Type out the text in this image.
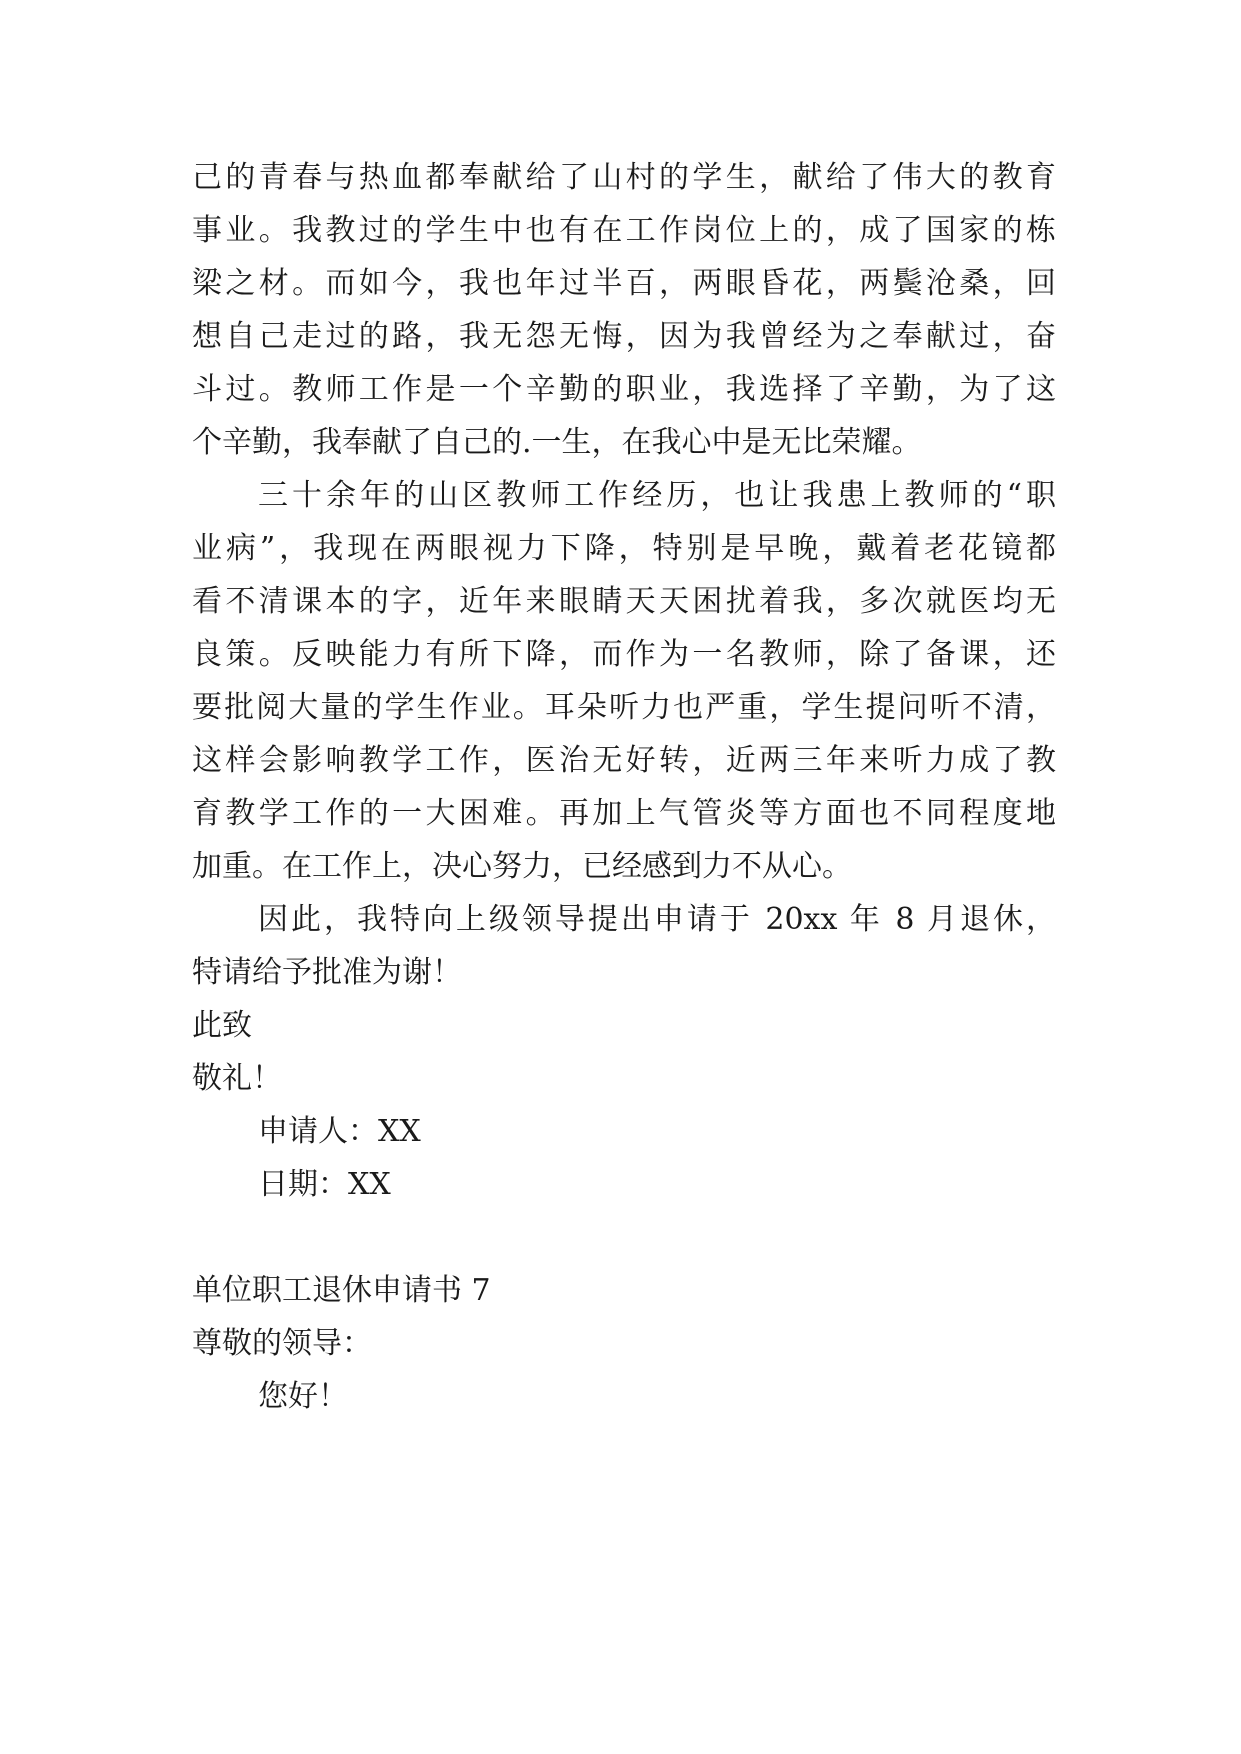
己的青春与热血都奉献给了山村的学生，献给了伟大的教育
事业。我教过的学生中也有在工作岗位上的，成了国家的栋
梁之材。而如今，我也年过半百，两眼昏花，两鬓沧桑，回
想自己走过的路，我无怨无悔，因为我曾经为之奉献过，奋
斗过。教师工作是一个辛勤的职业，我选择了辛勤，为了这
个辛勤，我奉献了自己的.一生，在我心中是无比荣耀。
三十余年的山区教师工作经历，也让我患上教师的“职
业病”，我现在两眼视力下降，特别是早晚，戴着老花镜都
看不清课本的字，近年来眼睛天天困扰着我，多次就医均无
良策。反映能力有所下降，而作为一名教师，除了备课，还
要批阅大量的学生作业。耳朵听力也严重，学生提问听不清，
这样会影响教学工作，医治无好转，近两三年来听力成了教
育教学工作的一大困难。再加上气管炎等方面也不同程度地
加重。在工作上，决心努力，已经感到力不从心。
因此，我特向上级领导提出申请于 20xx 年 8 月退休，
特请给予批准为谢！
此致
敬礼！
申请人：XX
日期：XX
单位职工退休申请书 7
尊敬的领导：
您好！
